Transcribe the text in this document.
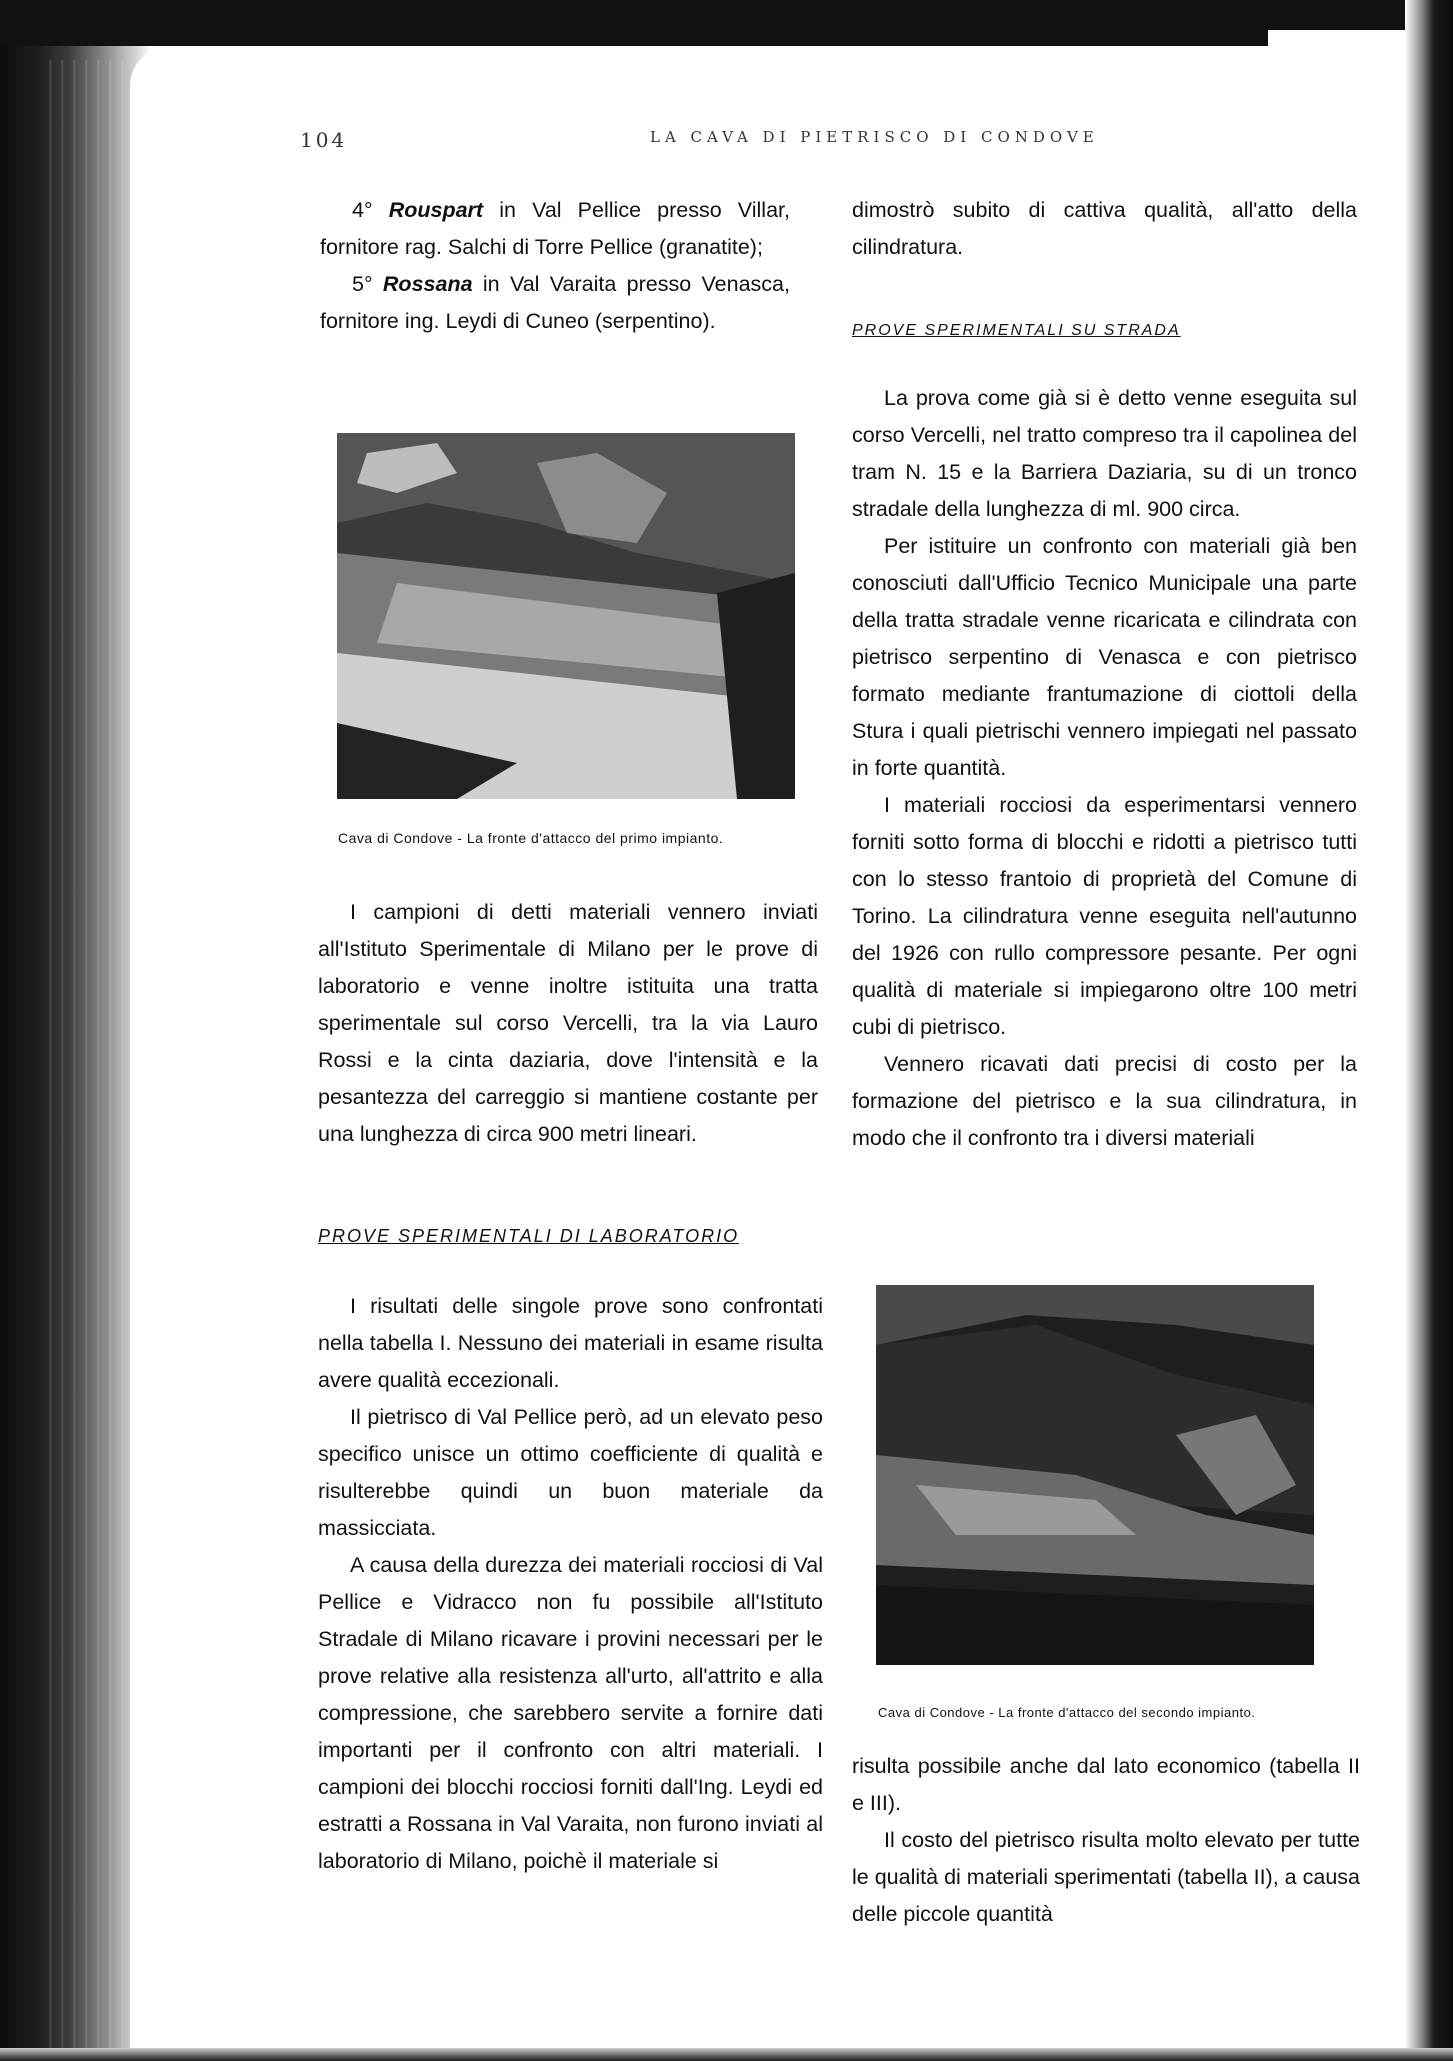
104	LA CAVA DI PIETRISCO DI CONDOVE

4° Rouspart in Val Pellice presso Villar, fornitore rag. Salchi di Torre Pellice (granatite);

5° Rossana in Val Varaita presso Venasca, fornitore ing. Leydi di Cuneo (serpentino).

Cava di Condove - La fronte d'attacco del primo impianto.

I campioni di detti materiali vennero inviati all'Istituto Sperimentale di Milano per le prove di laboratorio e venne inoltre istituita una tratta sperimentale sul corso Vercelli, tra la via Lauro Rossi e la cinta daziaria, dove l'intensità e la pesantezza del carreggio si mantiene costante per una lunghezza di circa 900 metri lineari.

PROVE SPERIMENTALI DI LABORATORIO

I risultati delle singole prove sono confrontati nella tabella I. Nessuno dei materiali in esame risulta avere qualità eccezionali.

Il pietrisco di Val Pellice però, ad un elevato peso specifico unisce un ottimo coefficiente di qualità e risulterebbe quindi un buon materiale da massicciata.

A causa della durezza dei materiali rocciosi di Val Pellice e Vidracco non fu possibile all'Istituto Stradale di Milano ricavare i provini necessari per le prove relative alla resistenza all'urto, all'attrito e alla compressione, che sarebbero servite a fornire dati importanti per il confronto con altri materiali. I campioni dei blocchi rocciosi forniti dall'Ing. Leydi ed estratti a Rossana in Val Varaita, non furono inviati al laboratorio di Milano, poichè il materiale si

dimostrò subito di cattiva qualità, all'atto della cilindratura.

PROVE SPERIMENTALI SU STRADA

La prova come già si è detto venne eseguita sul corso Vercelli, nel tratto compreso tra il capolinea del tram N. 15 e la Barriera Daziaria, su di un tronco stradale della lunghezza di ml. 900 circa.

Per istituire un confronto con materiali già ben conosciuti dall'Ufficio Tecnico Municipale una parte della tratta stradale venne ricaricata e cilindrata con pietrisco serpentino di Venasca e con pietrisco formato mediante frantumazione di ciottoli della Stura i quali pietrischi vennero impiegati nel passato in forte quantità.

I materiali rocciosi da esperimentarsi vennero forniti sotto forma di blocchi e ridotti a pietrisco tutti con lo stesso frantoio di proprietà del Comune di Torino. La cilindratura venne eseguita nell'autunno del 1926 con rullo compressore pesante. Per ogni qualità di materiale si impiegarono oltre 100 metri cubi di pietrisco.

Vennero ricavati dati precisi di costo per la formazione del pietrisco e la sua cilindratura, in modo che il confronto tra i diversi materiali

Cava di Condove - La fronte d'attacco del secondo impianto.

risulta possibile anche dal lato economico (tabella II e III).

Il costo del pietrisco risulta molto elevato per tutte le qualità di materiali sperimentati (tabella II), a causa delle piccole quantità
